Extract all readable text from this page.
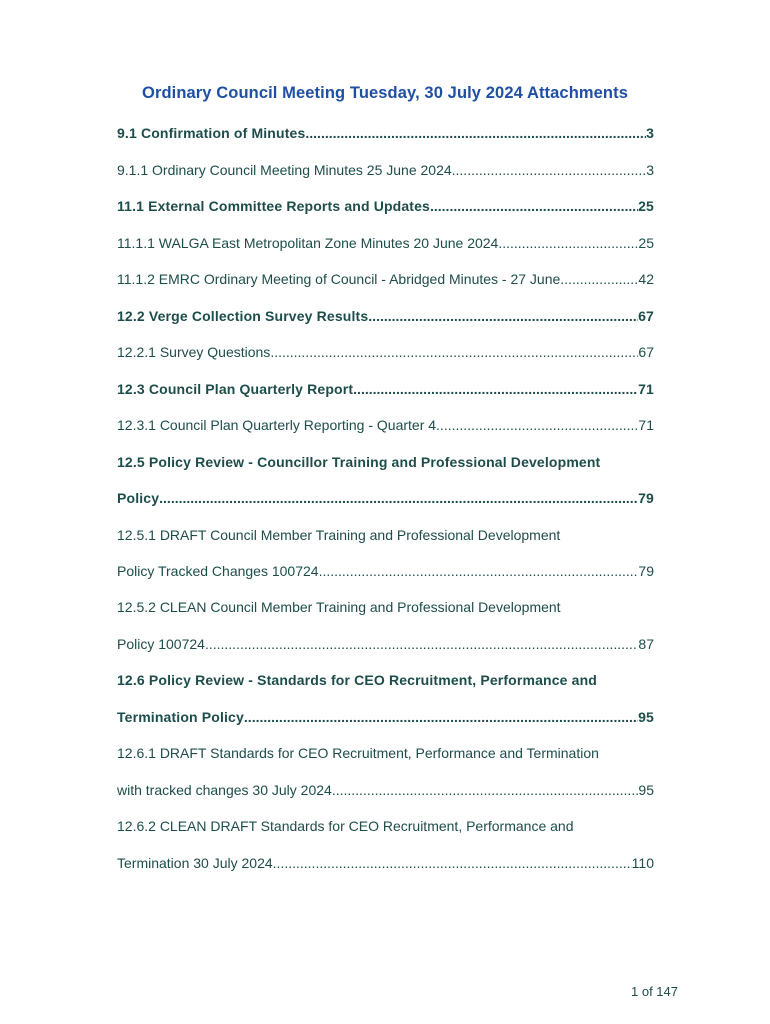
Ordinary Council Meeting Tuesday, 30 July 2024 Attachments
9.1 Confirmation of Minutes .....	3
9.1.1 Ordinary Council Meeting Minutes 25 June 2024 .....	3
11.1 External Committee Reports and Updates .....	25
11.1.1 WALGA East Metropolitan Zone Minutes 20 June 2024 .....	25
11.1.2 EMRC Ordinary Meeting of Council - Abridged Minutes - 27 June .....	42
12.2 Verge Collection Survey Results .....	67
12.2.1 Survey Questions .....	67
12.3 Council Plan Quarterly Report .....	71
12.3.1 Council Plan Quarterly Reporting - Quarter 4 .....	71
12.5 Policy Review - Councillor Training and Professional Development
Policy .....	79
12.5.1 DRAFT Council Member Training and Professional Development
Policy Tracked Changes 100724 .....	79
12.5.2 CLEAN Council Member Training and Professional Development
Policy 100724 .....	87
12.6 Policy Review - Standards for CEO Recruitment, Performance and
Termination Policy .....	95
12.6.1 DRAFT Standards for CEO Recruitment, Performance and Termination
with tracked changes 30 July 2024 .....	95
12.6.2 CLEAN DRAFT Standards for CEO Recruitment, Performance and
Termination 30 July 2024 .....	110
1 of 147
